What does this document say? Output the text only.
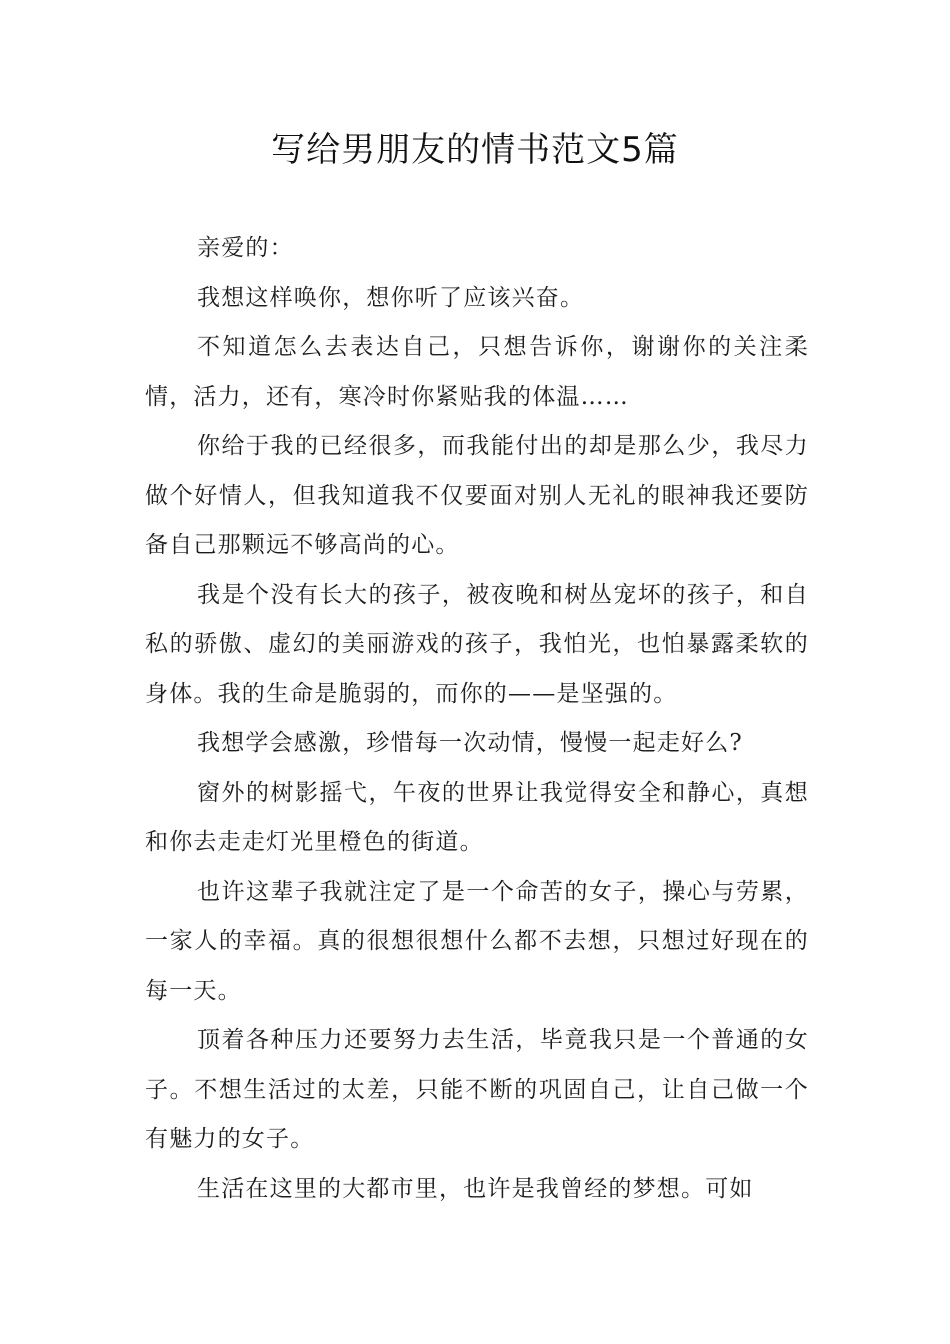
写给男朋友的情书范文5篇

亲爱的：

我想这样唤你，想你听了应该兴奋。

不知道怎么去表达自己，只想告诉你，谢谢你的关注柔情，活力，还有，寒冷时你紧贴我的体温……

你给于我的已经很多，而我能付出的却是那么少，我尽力做个好情人，但我知道我不仅要面对别人无礼的眼神我还要防备自己那颗远不够高尚的心。

我是个没有长大的孩子，被夜晚和树丛宠坏的孩子，和自私的骄傲、虚幻的美丽游戏的孩子，我怕光，也怕暴露柔软的身体。我的生命是脆弱的，而你的——是坚强的。

我想学会感激，珍惜每一次动情，慢慢一起走好么?

窗外的树影摇弋，午夜的世界让我觉得安全和静心，真想和你去走走灯光里橙色的街道。

也许这辈子我就注定了是一个命苦的女子，操心与劳累，一家人的幸福。真的很想很想什么都不去想，只想过好现在的每一天。

顶着各种压力还要努力去生活，毕竟我只是一个普通的女子。不想生活过的太差，只能不断的巩固自己，让自己做一个有魅力的女子。

生活在这里的大都市里，也许是我曾经的梦想。可如
